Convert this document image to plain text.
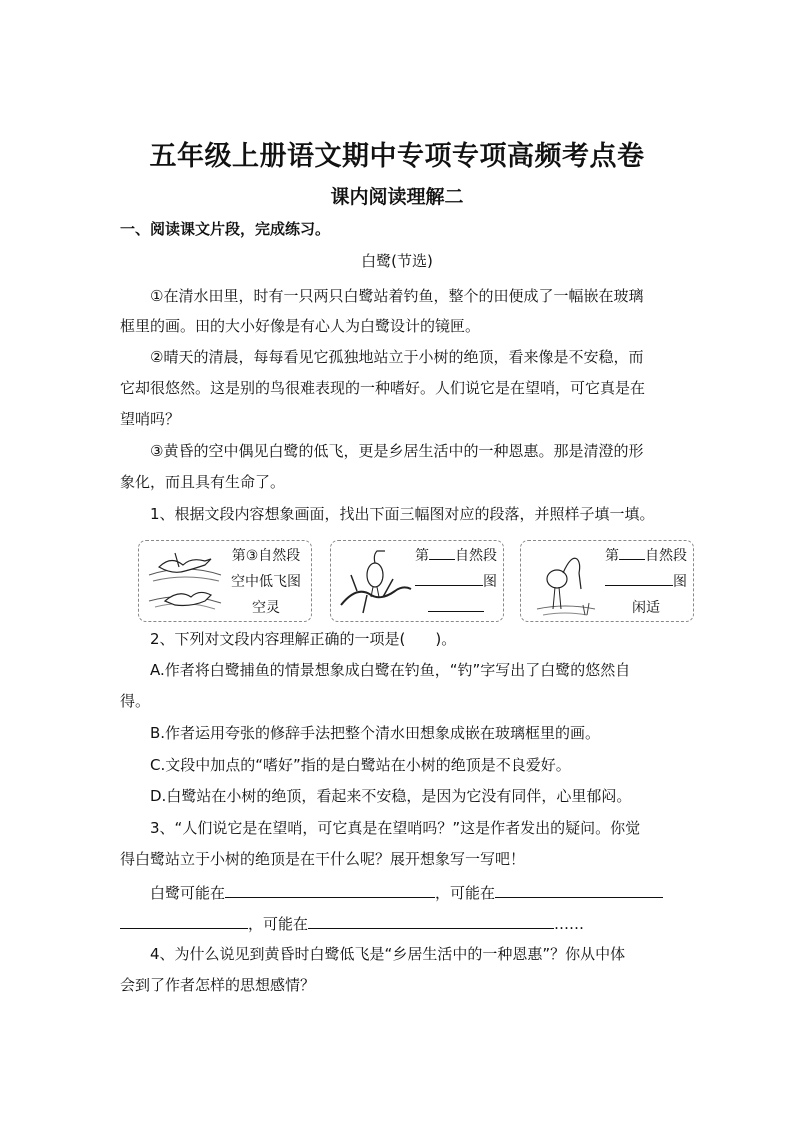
五年级上册语文期中专项专项高频考点卷
课内阅读理解二
一、阅读课文片段，完成练习。
白鹭(节选)
①在清水田里，时有一只两只白鹭站着钓鱼，整个的田便成了一幅嵌在玻璃
框里的画。田的大小好像是有心人为白鹭设计的镜匣。
②晴天的清晨，每每看见它孤独地站立于小树的绝顶，看来像是不安稳，而
它却很悠然。这是别的鸟很难表现的一种嗜好。人们说它是在望哨，可它真是在
望哨吗？
③黄昏的空中偶见白鹭的低飞，更是乡居生活中的一种恩惠。那是清澄的形
象化，而且具有生命了。
1、根据文段内容想象画面，找出下面三幅图对应的段落，并照样子填一填。
第③自然段
空中低飞图
空灵
第 自然段
图
第 自然段
图
闲适
2、下列对文段内容理解正确的一项是(　　)。
A.作者将白鹭捕鱼的情景想象成白鹭在钓鱼，“钓”字写出了白鹭的悠然自
得。
B.作者运用夸张的修辞手法把整个清水田想象成嵌在玻璃框里的画。
C.文段中加点的“嗜好”指的是白鹭站在小树的绝顶是不良爱好。
D.白鹭站在小树的绝顶，看起来不安稳，是因为它没有同伴，心里郁闷。
3、“人们说它是在望哨，可它真是在望哨吗？”这是作者发出的疑问。你觉
得白鹭站立于小树的绝顶是在干什么呢？展开想象写一写吧！
白鹭可能在	，可能在
，可能在	……
4、为什么说见到黄昏时白鹭低飞是“乡居生活中的一种恩惠”？你从中体
会到了作者怎样的思想感情？
